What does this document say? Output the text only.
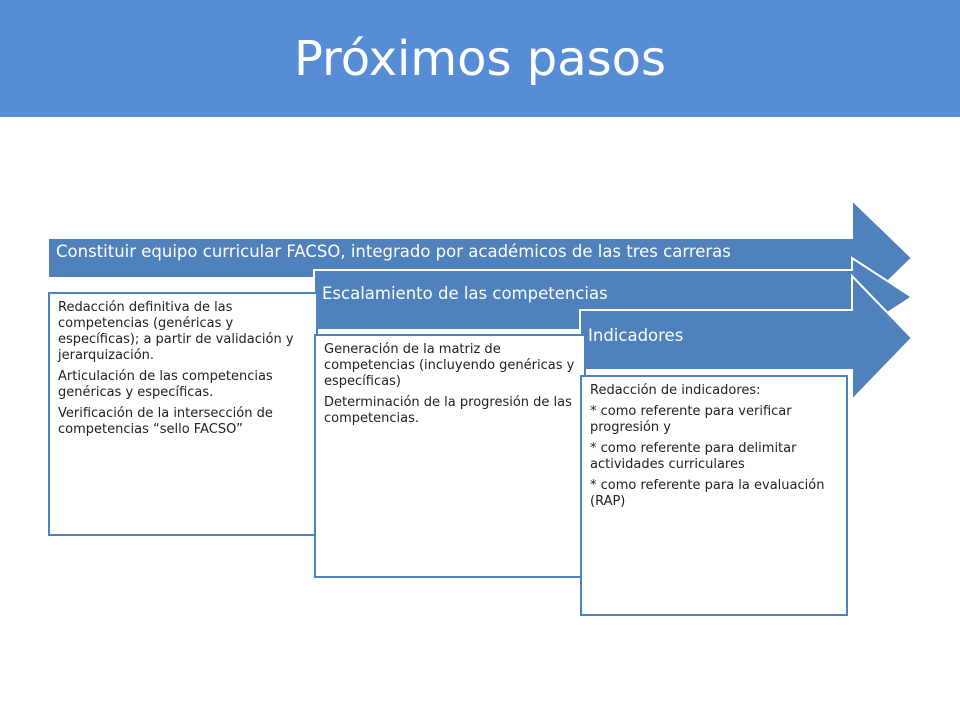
Próximos pasos
Constituir equipo curricular FACSO, integrado por académicos de las tres carreras
Escalamiento de las competencias
Indicadores

Redacción definitiva de las competencias (genéricas y específicas); a partir de validación y jerarquización.

Articulación de las competencias genéricas y específicas.

Verificación de la intersección de competencias “sello FACSO”

Generación de la matriz de competencias (incluyendo genéricas y específicas)

Determinación de la progresión de las competencias.

Redacción de indicadores:

* como referente para verificar progresión y

* como referente para delimitar actividades curriculares

* como referente para la evaluación (RAP)
